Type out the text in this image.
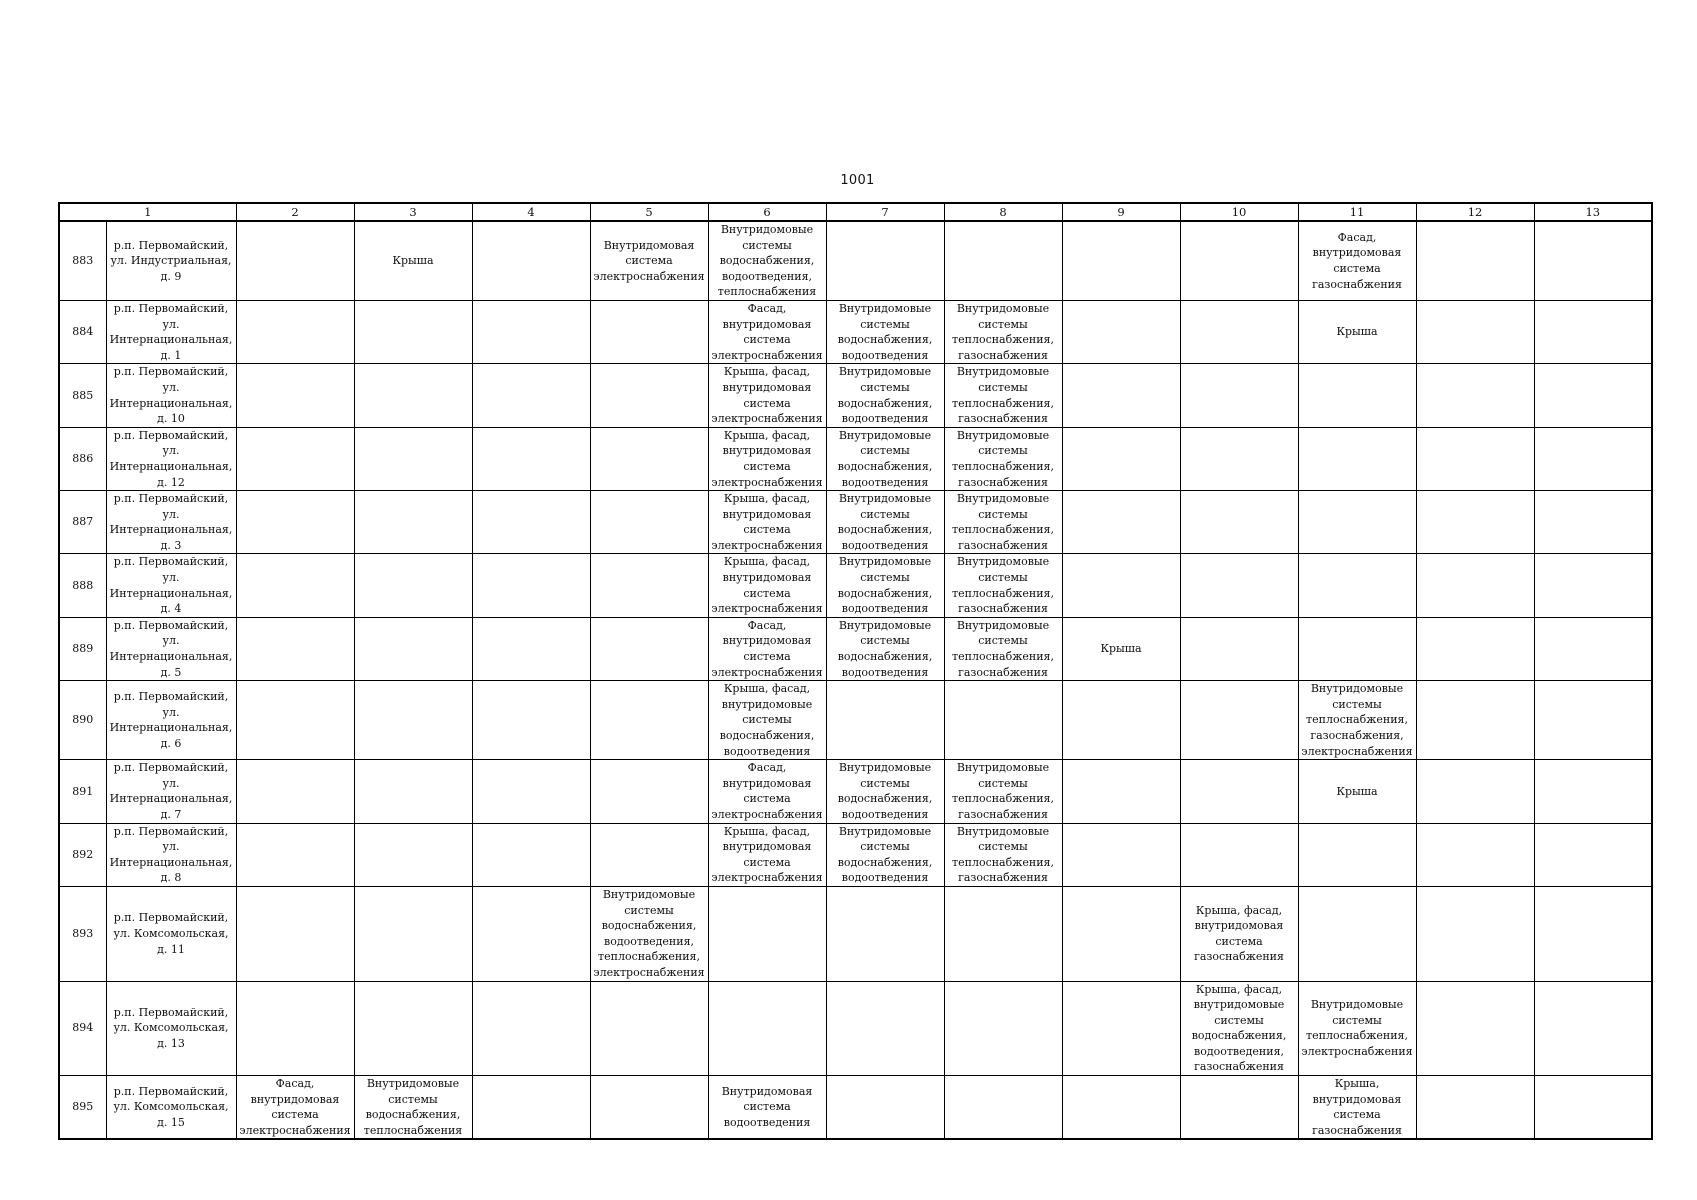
1001
1		2	3	4	5	6	7	8	9	10	11	12	13
883	р.п. Первомайский, ул. Индустриальная, д. 9		Крыша		Внутридомовая система электроснабжения	Внутридомовые системы водоснабжения, водоотведения, теплоснабжения					Фасад, внутридомовая система газоснабжения		
884	р.п. Первомайский, ул. Интернациональная, д. 1					Фасад, внутридомовая система электроснабжения	Внутридомовые системы водоснабжения, водоотведения	Внутридомовые системы теплоснабжения, газоснабжения			Крыша		
885	р.п. Первомайский, ул. Интернациональная, д. 10					Крыша, фасад, внутридомовая система электроснабжения	Внутридомовые системы водоснабжения, водоотведения	Внутридомовые системы теплоснабжения, газоснабжения					
886	р.п. Первомайский, ул. Интернациональная, д. 12					Крыша, фасад, внутридомовая система электроснабжения	Внутридомовые системы водоснабжения, водоотведения	Внутридомовые системы теплоснабжения, газоснабжения					
887	р.п. Первомайский, ул. Интернациональная, д. 3					Крыша, фасад, внутридомовая система электроснабжения	Внутридомовые системы водоснабжения, водоотведения	Внутридомовые системы теплоснабжения, газоснабжения					
888	р.п. Первомайский, ул. Интернациональная, д. 4					Крыша, фасад, внутридомовая система электроснабжения	Внутридомовые системы водоснабжения, водоотведения	Внутридомовые системы теплоснабжения, газоснабжения					
889	р.п. Первомайский, ул. Интернациональная, д. 5					Фасад, внутридомовая система электроснабжения	Внутридомовые системы водоснабжения, водоотведения	Внутридомовые системы теплоснабжения, газоснабжения	Крыша				
890	р.п. Первомайский, ул. Интернациональная, д. 6					Крыша, фасад, внутридомовые системы водоснабжения, водоотведения					Внутридомовые системы теплоснабжения, газоснабжения, электроснабжения		
891	р.п. Первомайский, ул. Интернациональная, д. 7					Фасад, внутридомовая система электроснабжения	Внутридомовые системы водоснабжения, водоотведения	Внутридомовые системы теплоснабжения, газоснабжения			Крыша		
892	р.п. Первомайский, ул. Интернациональная, д. 8					Крыша, фасад, внутридомовая система электроснабжения	Внутридомовые системы водоснабжения, водоотведения	Внутридомовые системы теплоснабжения, газоснабжения					
893	р.п. Первомайский, ул. Комсомольская, д. 11				Внутридомовые системы водоснабжения, водоотведения, теплоснабжения, электроснабжения					Крыша, фасад, внутридомовая система газоснабжения			
894	р.п. Первомайский, ул. Комсомольская, д. 13									Крыша, фасад, внутридомовые системы водоснабжения, водоотведения, газоснабжения	Внутридомовые системы теплоснабжения, электроснабжения		
895	р.п. Первомайский, ул. Комсомольская, д. 15	Фасад, внутридомовая система электроснабжения	Внутридомовые системы водоснабжения, теплоснабжения			Внутридомовая система водоотведения					Крыша, внутридомовая система газоснабжения		
